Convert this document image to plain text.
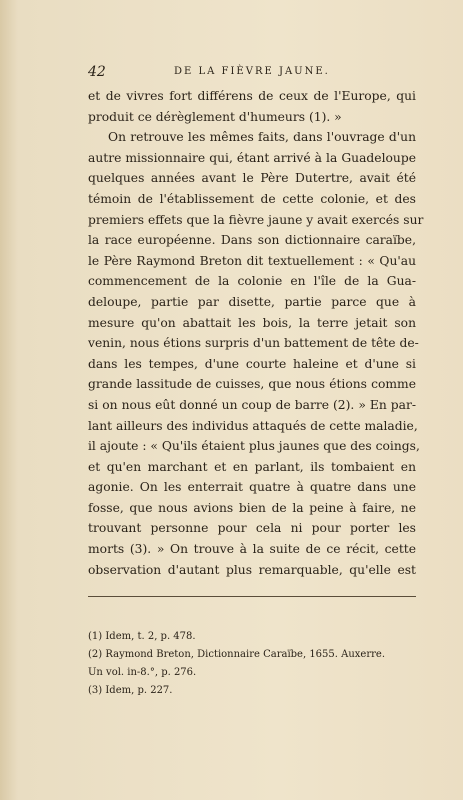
42	DE LA FIÈVRE JAUNE.
et de vivres fort différens de ceux de l'Europe, qui
produit ce dérèglement d'humeurs (1). »
On retrouve les mêmes faits, dans l'ouvrage d'un
autre missionnaire qui, étant arrivé à la Guadeloupe
quelques années avant le Père Dutertre, avait été
témoin de l'établissement de cette colonie, et des
premiers effets que la fièvre jaune y avait exercés sur
la race européenne. Dans son dictionnaire caraïbe,
le Père Raymond Breton dit textuellement : « Qu'au
commencement de la colonie en l'île de la Gua-
deloupe, partie par disette, partie parce que à
mesure qu'on abattait les bois, la terre jetait son
venin, nous étions surpris d'un battement de tête de-
dans les tempes, d'une courte haleine et d'une si
grande lassitude de cuisses, que nous étions comme
si on nous eût donné un coup de barre (2). » En par-
lant ailleurs des individus attaqués de cette maladie,
il ajoute : « Qu'ils étaient plus jaunes que des coings,
et qu'en marchant et en parlant, ils tombaient en
agonie. On les enterrait quatre à quatre dans une
fosse, que nous avions bien de la peine à faire, ne
trouvant personne pour cela ni pour porter les
morts (3). » On trouve à la suite de ce récit, cette
observation d'autant plus remarquable, qu'elle est
(1) Idem, t. 2, p. 478.
(2) Raymond Breton, Dictionnaire Caraïbe, 1655. Auxerre.
Un vol. in-8.°, p. 276.
(3) Idem, p. 227.
